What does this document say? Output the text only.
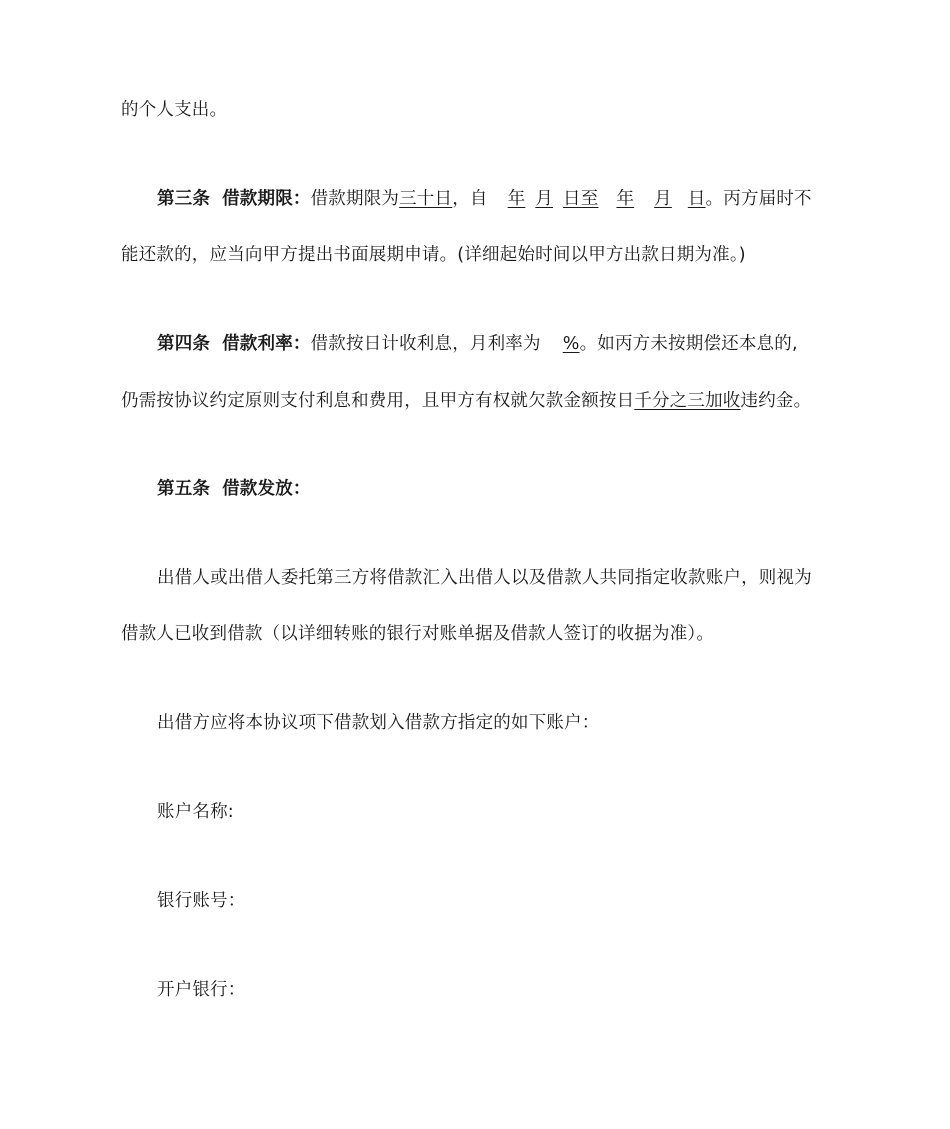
的个人支出。
第三条 借款期限：借款期限为三十日，自 年 月 日至 年 月 日。丙方届时不
能还款的，应当向甲方提出书面展期申请。(详细起始时间以甲方出款日期为准。)
第四条 借款利率：借款按日计收利息，月利率为 %。如丙方未按期偿还本息的,
仍需按协议约定原则支付利息和费用，且甲方有权就欠款金额按日千分之三加收违约金。
第五条 借款发放：
出借人或出借人委托第三方将借款汇入出借人以及借款人共同指定收款账户，则视为
借款人已收到借款（以详细转账的银行对账单据及借款人签订的收据为准）。
出借方应将本协议项下借款划入借款方指定的如下账户：
账户名称:
银行账号：
开户银行：
